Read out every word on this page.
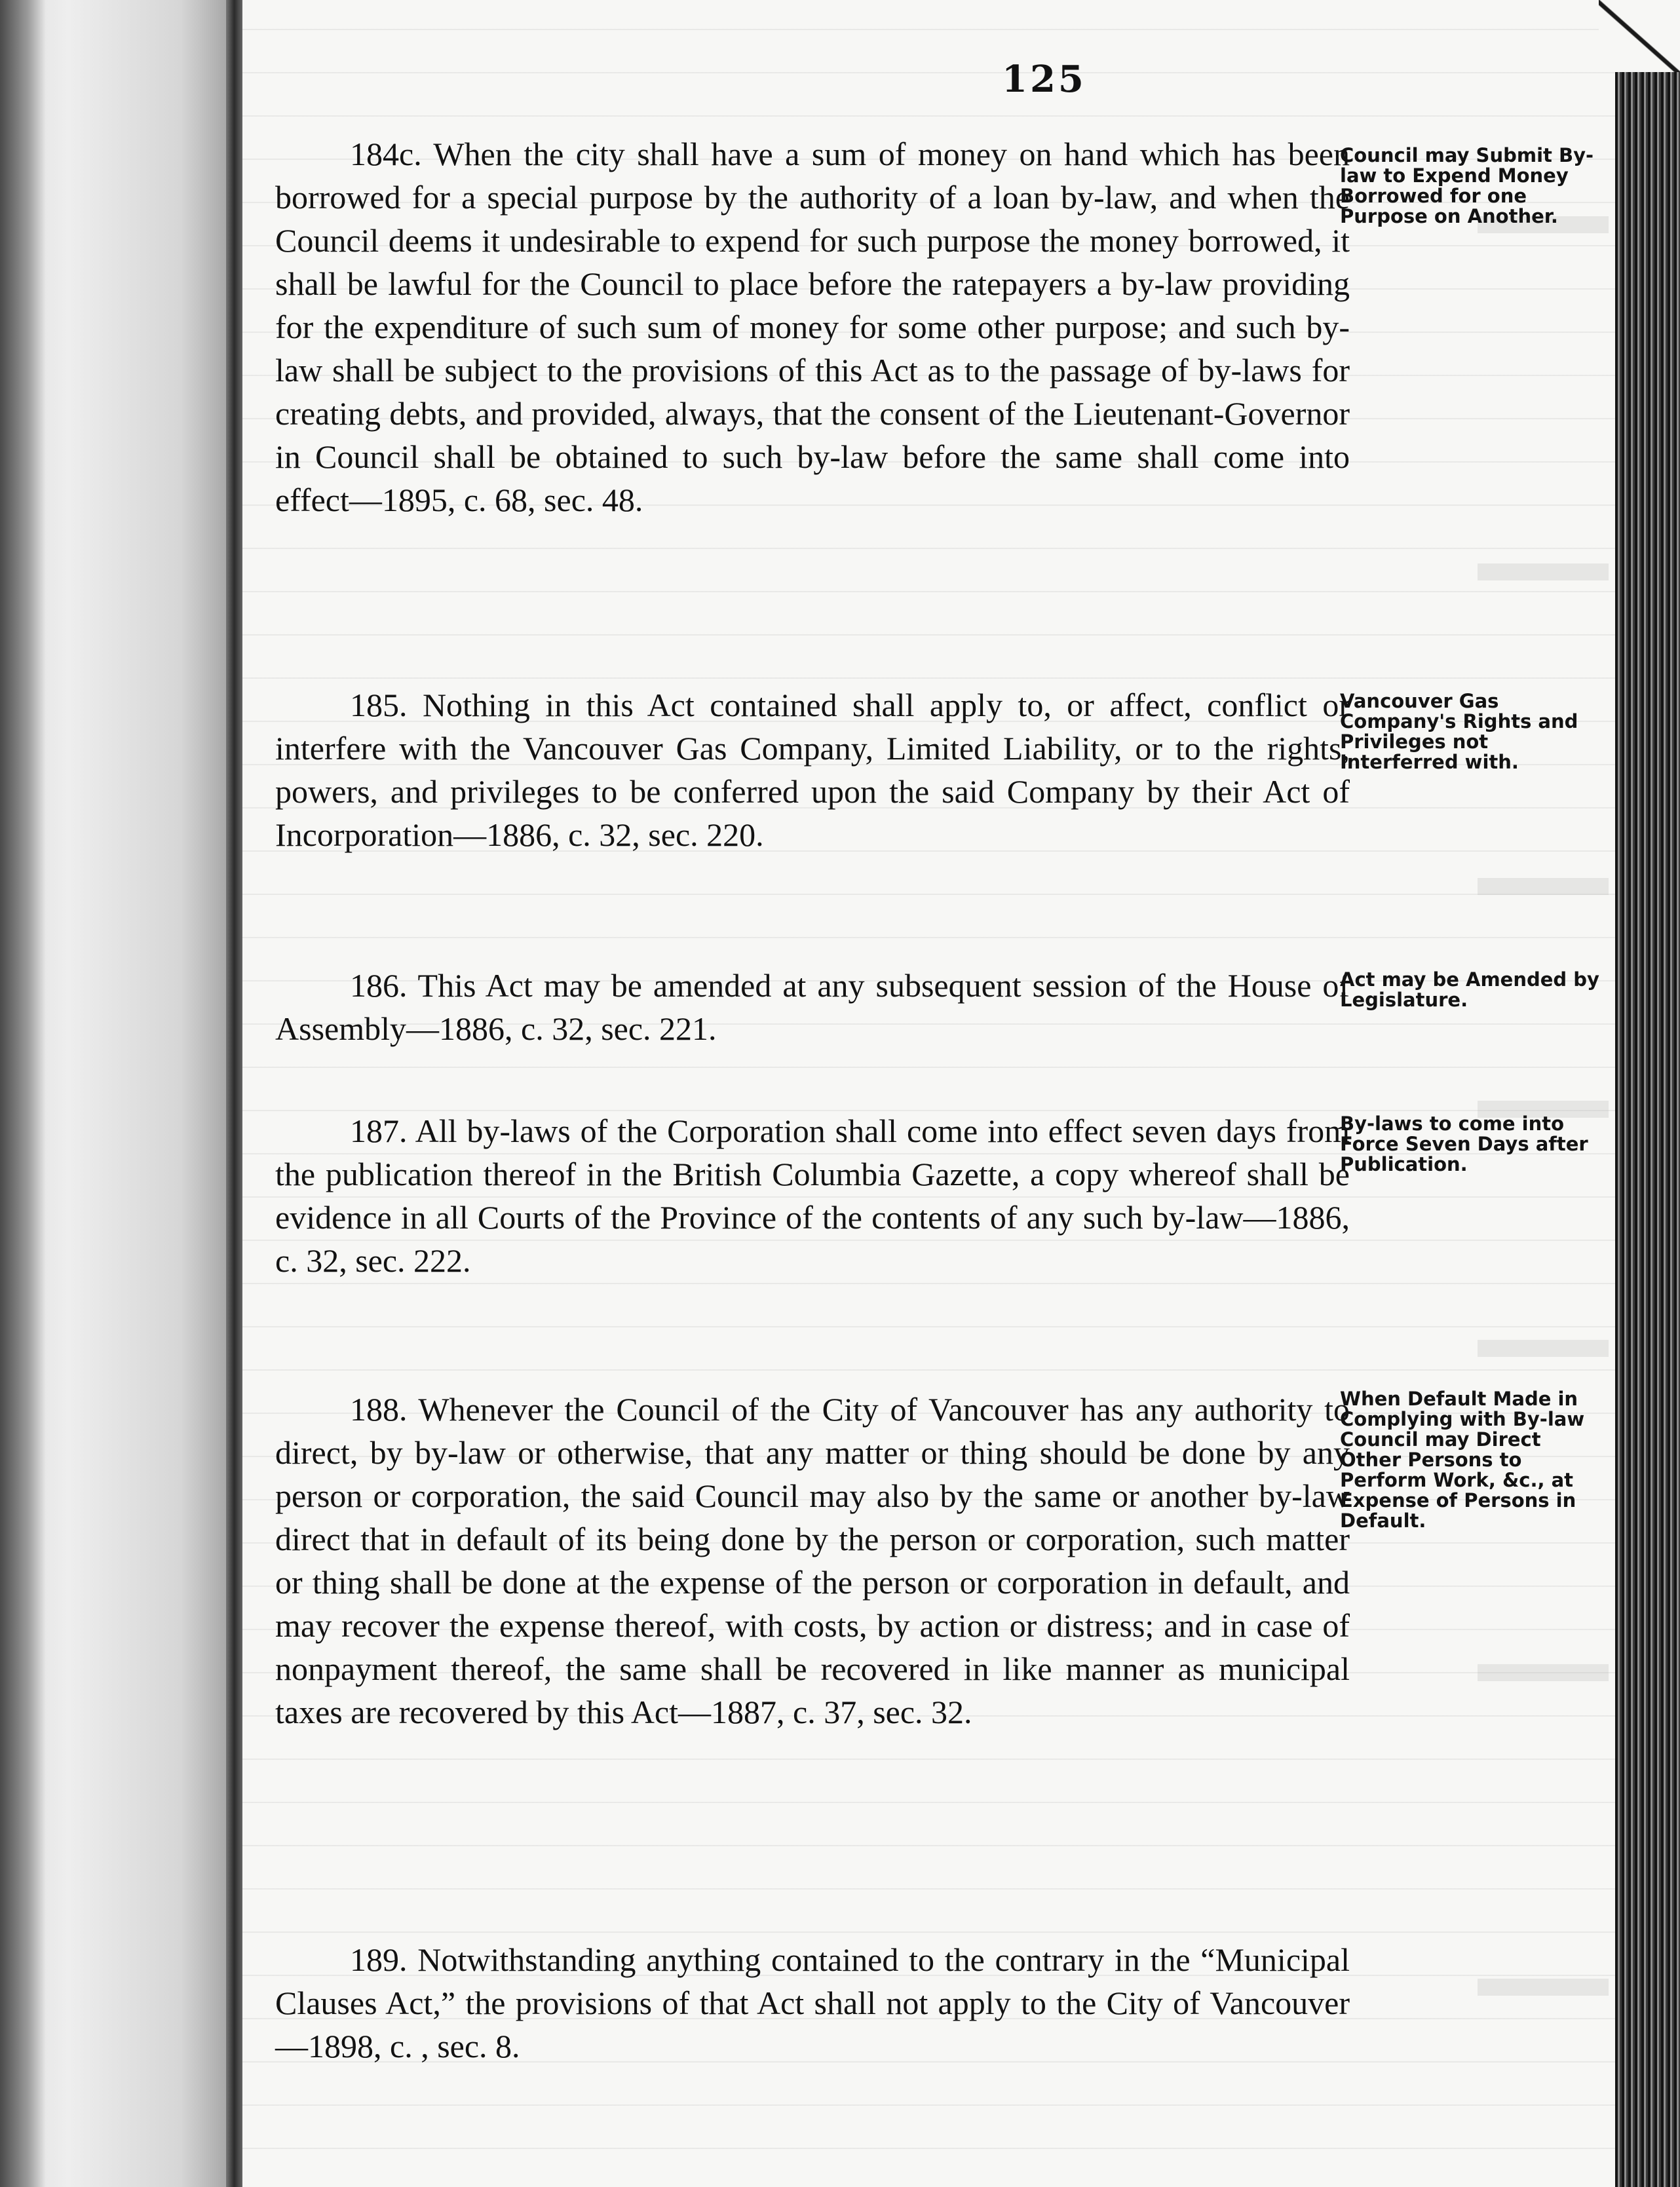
125

184c. When the city shall have a sum of money on hand which has been borrowed for a special purpose by the authority of a loan by-law, and when the Council deems it undesirable to expend for such purpose the money borrowed, it shall be lawful for the Council to place before the ratepayers a by-law providing for the expenditure of such sum of money for some other purpose; and such by-law shall be subject to the provisions of this Act as to the passage of by-laws for creating debts, and provided, always, that the consent of the Lieutenant-Governor in Council shall be obtained to such by-law before the same shall come into effect—1895, c. 68, sec. 48.

Council may Submit By-law to Expend Money Borrowed for one Purpose on Another.

185. Nothing in this Act contained shall apply to, or affect, conflict or interfere with the Vancouver Gas Company, Limited Liability, or to the rights, powers, and privileges to be conferred upon the said Company by their Act of Incorporation—1886, c. 32, sec. 220.

Vancouver Gas Company's Rights and Privileges not Interferred with.

186. This Act may be amended at any subsequent session of the House of Assembly—1886, c. 32, sec. 221.

Act may be Amended by Legislature.

187. All by-laws of the Corporation shall come into effect seven days from the publication thereof in the British Columbia Gazette, a copy whereof shall be evidence in all Courts of the Province of the contents of any such by-law—1886, c. 32, sec. 222.

By-laws to come into Force Seven Days after Publication.

188. Whenever the Council of the City of Vancouver has any authority to direct, by by-law or otherwise, that any matter or thing should be done by any person or corporation, the said Council may also by the same or another by-law direct that in default of its being done by the person or corporation, such matter or thing shall be done at the expense of the person or corporation in default, and may recover the expense thereof, with costs, by action or distress; and in case of nonpayment thereof, the same shall be recovered in like manner as municipal taxes are recovered by this Act—1887, c. 37, sec. 32.

When Default Made in Complying with By-law Council may Direct Other Persons to Perform Work, &c., at Expense of Persons in Default.

189. Notwithstanding anything contained to the contrary in the “Municipal Clauses Act,” the provisions of that Act shall not apply to the City of Vancouver—1898, c. , sec. 8.
